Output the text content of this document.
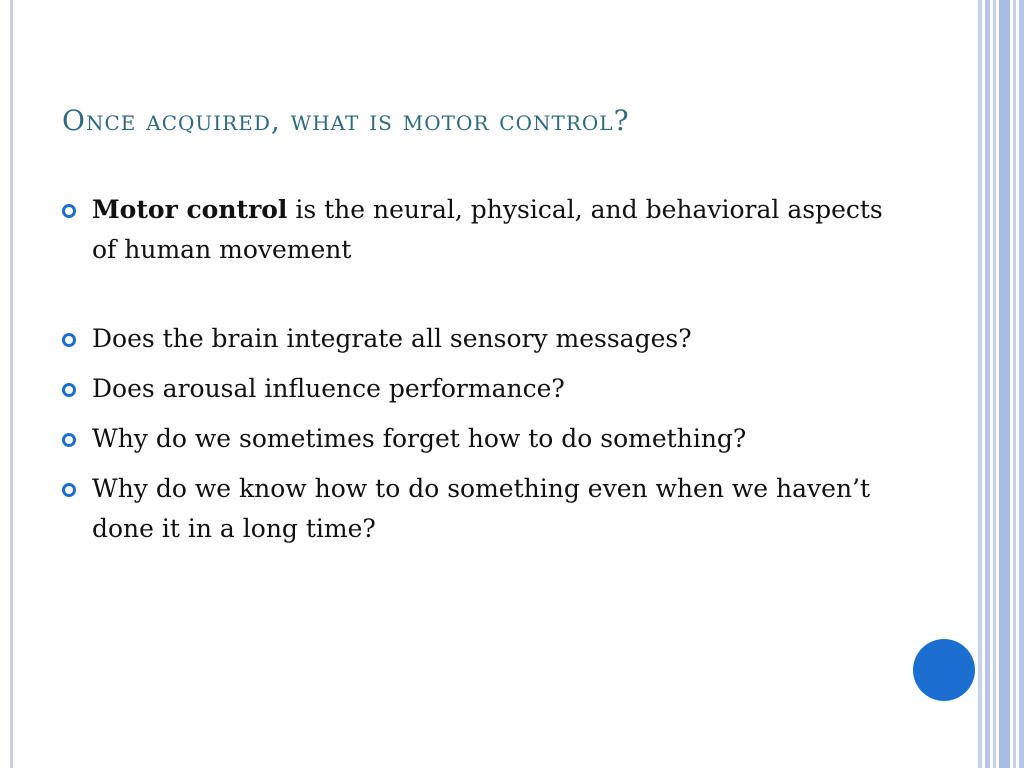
Once acquired, what is motor control?
Motor control is the neural, physical, and behavioral aspects of human movement
Does the brain integrate all sensory messages?
Does arousal influence performance?
Why do we sometimes forget how to do something?
Why do we know how to do something even when we haven’t done it in a long time?
